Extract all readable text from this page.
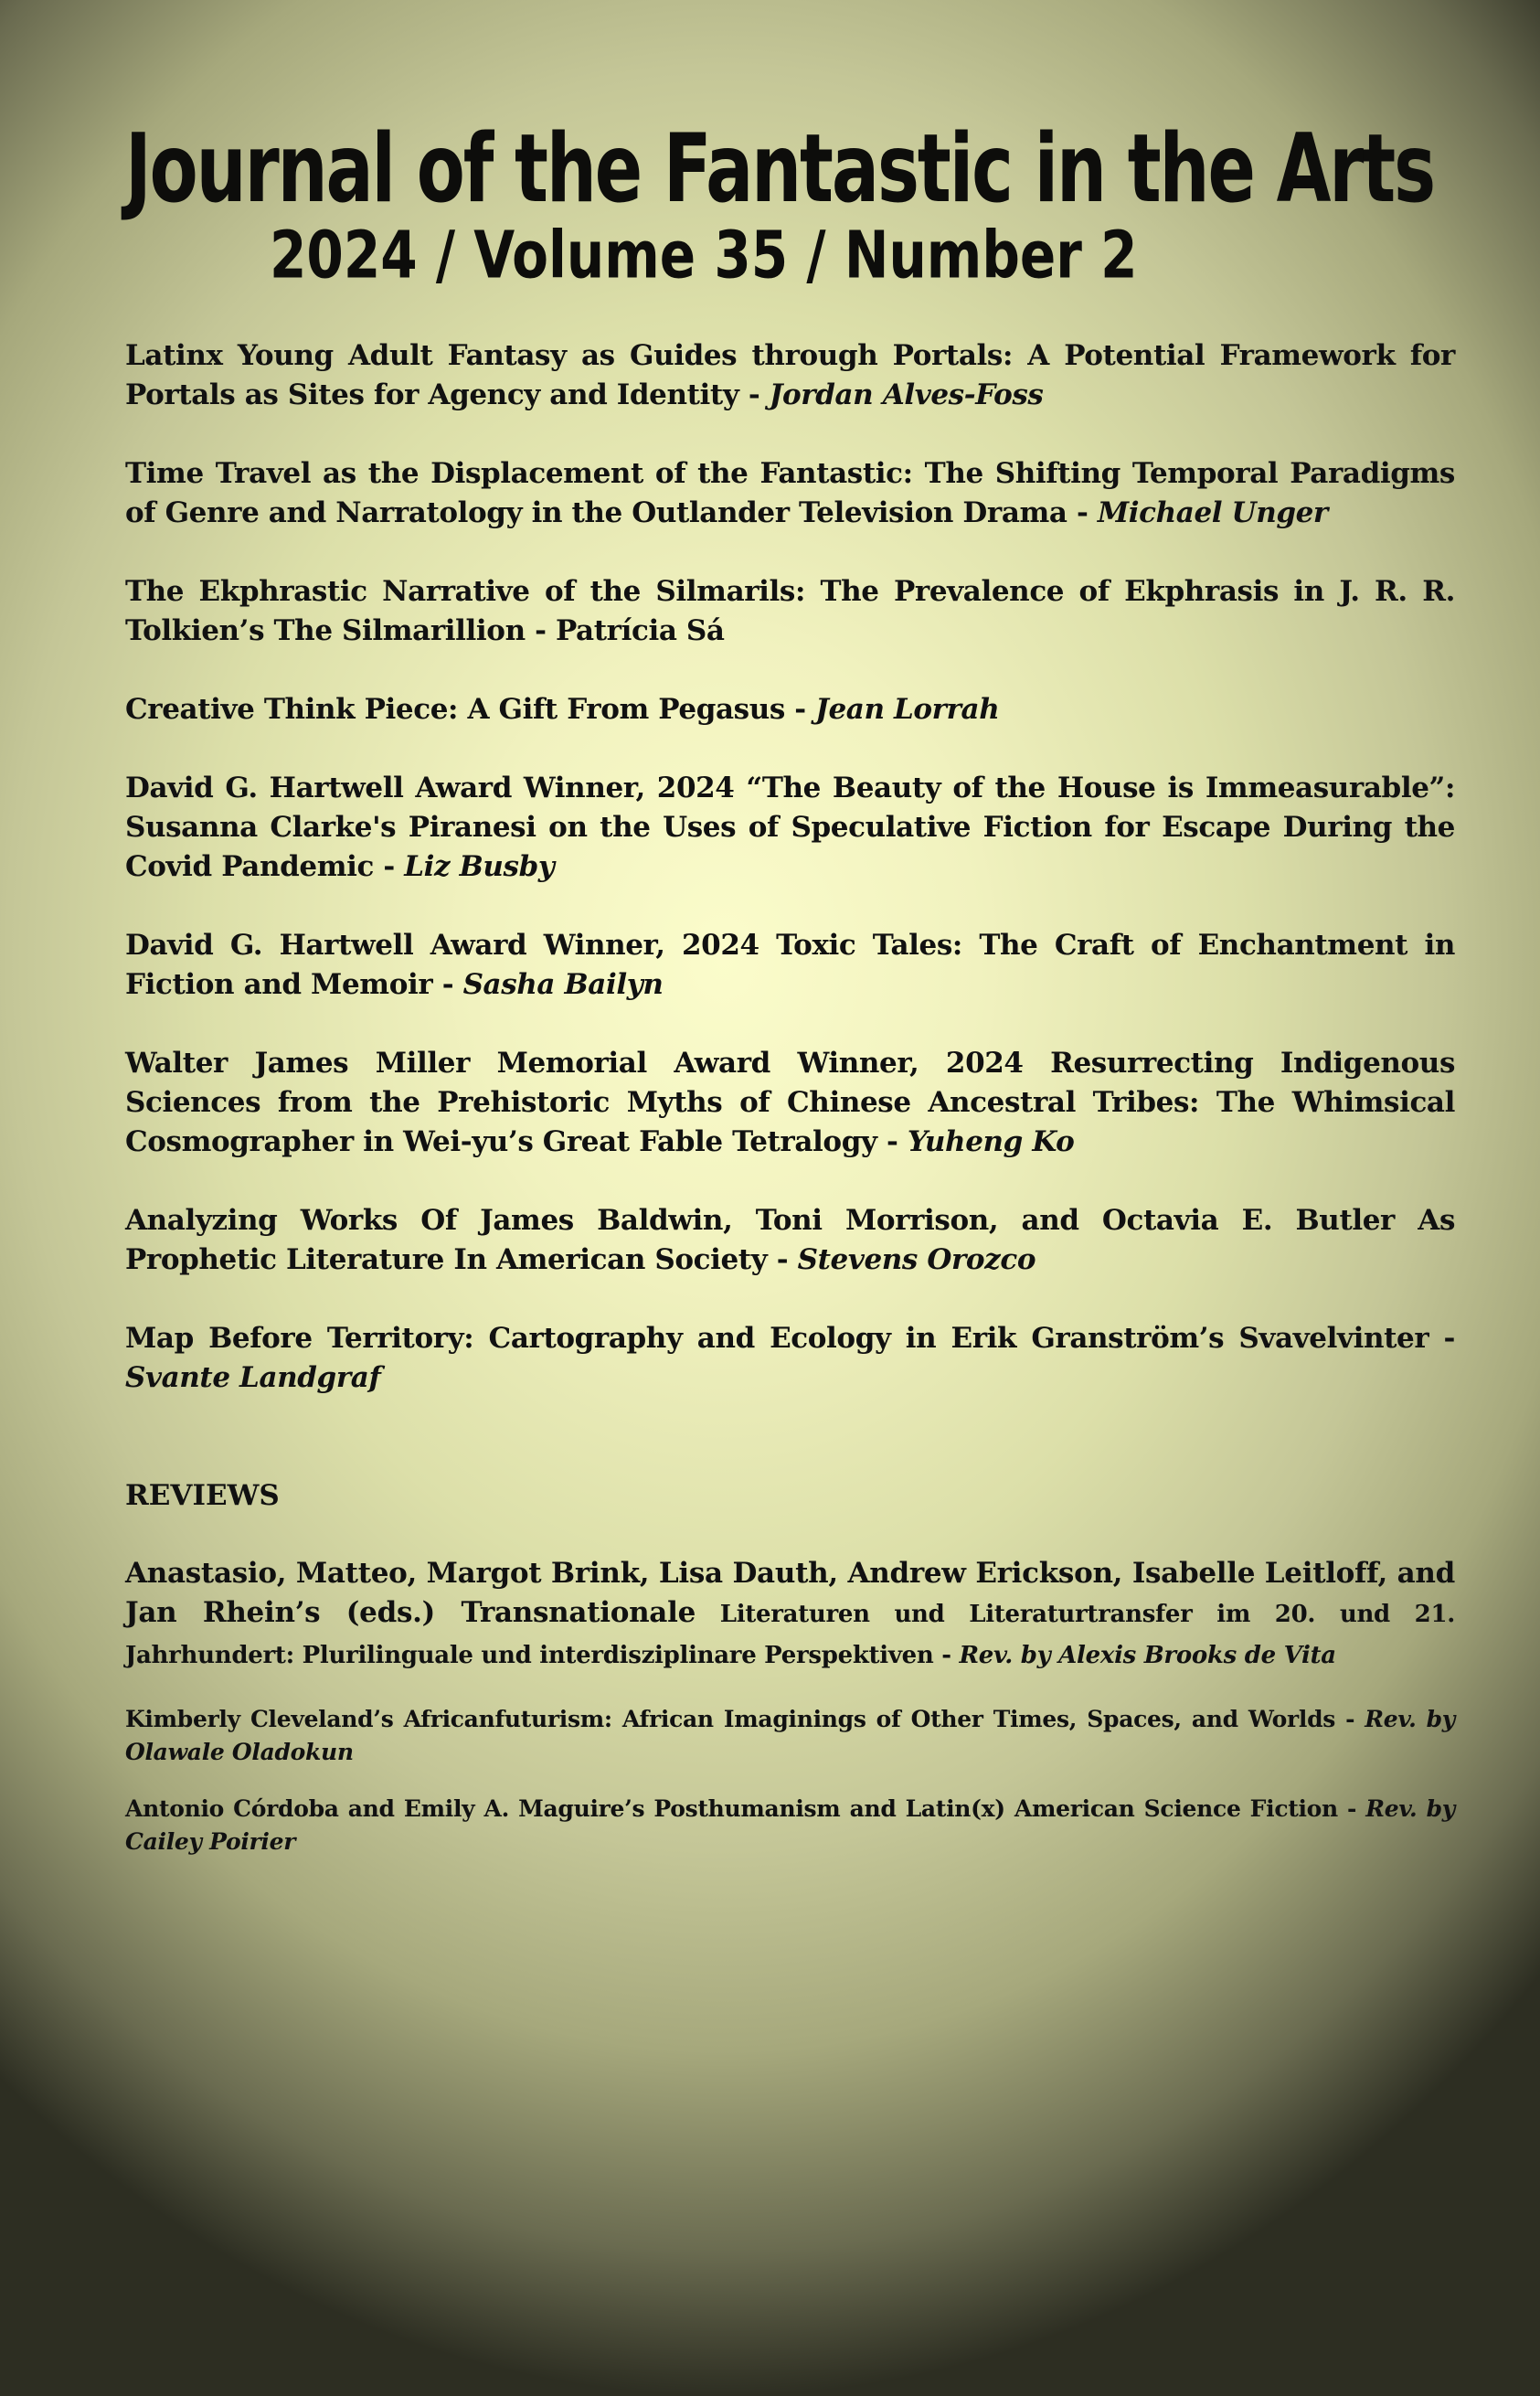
Journal of the Fantastic in the Arts
2024 / Volume 35 / Number 2

Latinx Young Adult Fantasy as Guides through Portals: A Potential Framework for Portals as Sites for Agency and Identity - Jordan Alves-Foss

Time Travel as the Displacement of the Fantastic: The Shifting Temporal Paradigms of Genre and Narratology in the Outlander Television Drama - Michael Unger

The Ekphrastic Narrative of the Silmarils: The Prevalence of Ekphrasis in J. R. R. Tolkien’s The Silmarillion - Patrícia Sá

Creative Think Piece: A Gift From Pegasus - Jean Lorrah

David G. Hartwell Award Winner, 2024 “The Beauty of the House is Immeasurable”: Susanna Clarke's Piranesi on the Uses of Speculative Fiction for Escape During the Covid Pandemic - Liz Busby

David G. Hartwell Award Winner, 2024 Toxic Tales: The Craft of Enchantment in Fiction and Memoir - Sasha Bailyn

Walter James Miller Memorial Award Winner, 2024 Resurrecting Indigenous Sciences from the Prehistoric Myths of Chinese Ancestral Tribes: The Whimsical Cosmographer in Wei-yu’s Great Fable Tetralogy - Yuheng Ko

Analyzing Works Of James Baldwin, Toni Morrison, and Octavia E. Butler As Prophetic Literature In American Society - Stevens Orozco

Map Before Territory: Cartography and Ecology in Erik Granström’s Svavelvinter - Svante Landgraf

REVIEWS

Anastasio, Matteo, Margot Brink, Lisa Dauth, Andrew Erickson, Isabelle Leitloff, and Jan Rhein’s (eds.) Transnationale Literaturen und Literaturtransfer im 20. und 21. Jahrhundert: Plurilinguale und interdisziplinare Perspektiven - Rev. by Alexis Brooks de Vita

Kimberly Cleveland’s Africanfuturism: African Imaginings of Other Times, Spaces, and Worlds - Rev. by Olawale Oladokun

Antonio Córdoba and Emily A. Maguire’s Posthumanism and Latin(x) American Science Fiction - Rev. by Cailey Poirier
